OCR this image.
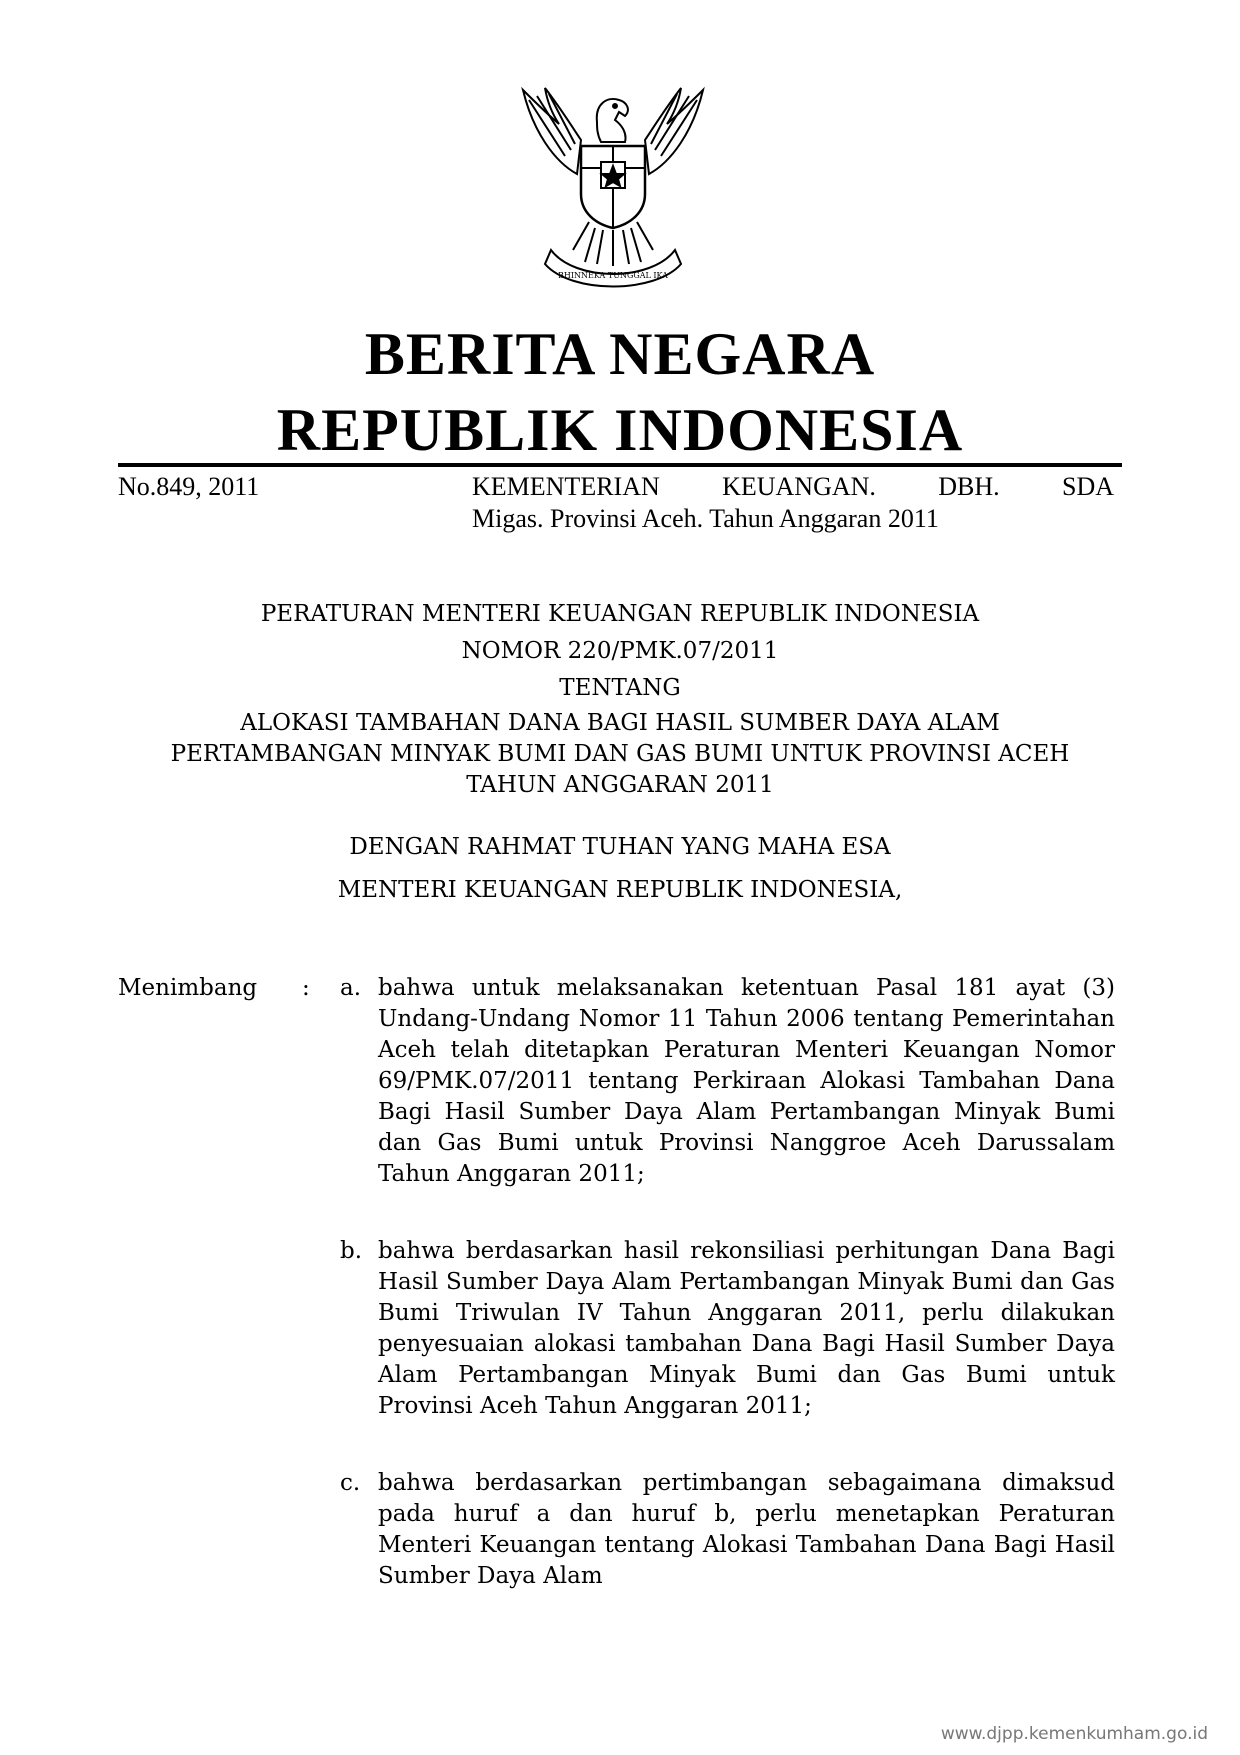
BHINNEKA TUNGGAL IKA
BERITA NEGARA
REPUBLIK INDONESIA
No.849, 2011	KEMENTERIAN KEUANGAN. DBH. SDA
Migas. Provinsi Aceh. Tahun Anggaran 2011
PERATURAN MENTERI KEUANGAN REPUBLIK INDONESIA
NOMOR 220/PMK.07/2011
TENTANG
ALOKASI TAMBAHAN DANA BAGI HASIL SUMBER DAYA ALAM
PERTAMBANGAN MINYAK BUMI DAN GAS BUMI UNTUK PROVINSI ACEH
TAHUN ANGGARAN 2011
DENGAN RAHMAT TUHAN YANG MAHA ESA
MENTERI KEUANGAN REPUBLIK INDONESIA,
Menimbang : a. bahwa untuk melaksanakan ketentuan Pasal 181 ayat (3) Undang-Undang Nomor 11 Tahun 2006 tentang Pemerintahan Aceh telah ditetapkan Peraturan Menteri Keuangan Nomor 69/PMK.07/2011 tentang Perkiraan Alokasi Tambahan Dana Bagi Hasil Sumber Daya Alam Pertambangan Minyak Bumi dan Gas Bumi untuk Provinsi Nanggroe Aceh Darussalam Tahun Anggaran 2011;
b. bahwa berdasarkan hasil rekonsiliasi perhitungan Dana Bagi Hasil Sumber Daya Alam Pertambangan Minyak Bumi dan Gas Bumi Triwulan IV Tahun Anggaran 2011, perlu dilakukan penyesuaian alokasi tambahan Dana Bagi Hasil Sumber Daya Alam Pertambangan Minyak Bumi dan Gas Bumi untuk Provinsi Aceh Tahun Anggaran 2011;
c. bahwa berdasarkan pertimbangan sebagaimana dimaksud pada huruf a dan huruf b, perlu menetapkan Peraturan Menteri Keuangan tentang Alokasi Tambahan Dana Bagi Hasil Sumber Daya Alam
www.djpp.kemenkumham.go.id
